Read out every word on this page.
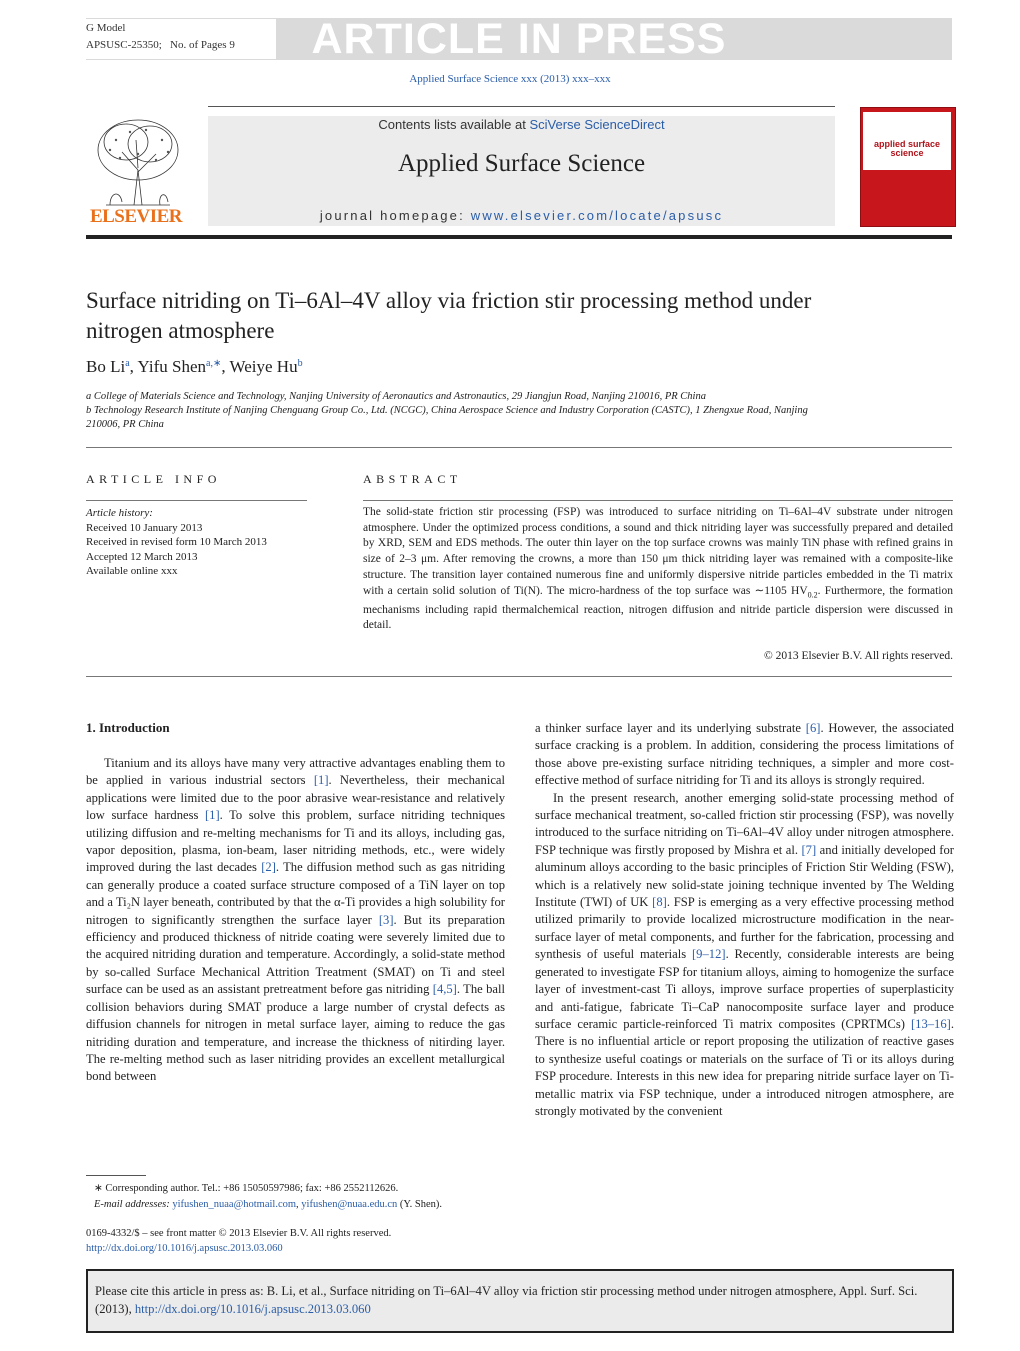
ARTICLE IN PRESS
G Model
APSUSC-25350; No. of Pages 9
Applied Surface Science xxx (2013) xxx–xxx
Contents lists available at SciVerse ScienceDirect
Applied Surface Science
journal homepage: www.elsevier.com/locate/apsusc
ELSEVIER
applied surface science
Surface nitriding on Ti–6Al–4V alloy via friction stir processing method under nitrogen atmosphere
Bo Li$^a$, Yifu Shen$^{a,∗}$, Weiye Hu$^b$
a College of Materials Science and Technology, Nanjing University of Aeronautics and Astronautics, 29 Jiangjun Road, Nanjing 210016, PR China
b Technology Research Institute of Nanjing Chenguang Group Co., Ltd. (NCGC), China Aerospace Science and Industry Corporation (CASTC), 1 Zhengxue Road, Nanjing 210006, PR China
ARTICLE INFO	ABSTRACT
Article history:
Received 10 January 2013
Received in revised form 10 March 2013
Accepted 12 March 2013
Available online xxx
The solid-state friction stir processing (FSP) was introduced to surface nitriding on Ti–6Al–4V substrate under nitrogen atmosphere. Under the optimized process conditions, a sound and thick nitriding layer was successfully prepared and detailed by XRD, SEM and EDS methods. The outer thin layer on the top surface crowns was mainly TiN phase with refined grains in size of 2–3 μm. After removing the crowns, a more than 150 μm thick nitriding layer was remained with a composite-like structure. The transition layer contained numerous fine and uniformly dispersive nitride particles embedded in the Ti matrix with a certain solid solution of Ti(N). The micro-hardness of the top surface was ∼1105 $HV_{0.2}$. Furthermore, the formation mechanisms including rapid thermalchemical reaction, nitrogen diffusion and nitride particle dispersion were discussed in detail.
© 2013 Elsevier B.V. All rights reserved.
1. Introduction
Titanium and its alloys have many very attractive advantages enabling them to be applied in various industrial sectors [1]. Nevertheless, their mechanical applications were limited due to the poor abrasive wear-resistance and relatively low surface hardness [1]. To solve this problem, surface nitriding techniques utilizing diffusion and re-melting mechanisms for Ti and its alloys, including gas, vapor deposition, plasma, ion-beam, laser nitriding methods, etc., were widely improved during the last decades [2]. The diffusion method such as gas nitriding can generally produce a coated surface structure composed of a TiN layer on top and a Ti₂N layer beneath, contributed by that the α-Ti provides a high solubility for nitrogen to significantly strengthen the surface layer [3]. But its preparation efficiency and produced thickness of nitride coating were severely limited due to the acquired nitriding duration and temperature. Accordingly, a solid-state method by so-called Surface Mechanical Attrition Treatment (SMAT) on Ti and steel surface can be used as an assistant pretreatment before gas nitriding [4,5]. The ball collision behaviors during SMAT produce a large number of crystal defects as diffusion channels for nitrogen in metal surface layer, aiming to reduce the gas nitriding duration and temperature, and increase the thickness of nitirding layer. The re-melting method such as laser nitriding provides an excellent metallurgical bond between

a thinker surface layer and its underlying substrate [6]. However, the associated surface cracking is a problem. In addition, considering the process limitations of those above pre-existing surface nitriding techniques, a simpler and more cost-effective method of surface nitriding for Ti and its alloys is strongly required.

In the present research, another emerging solid-state processing method of surface mechanical treatment, so-called friction stir processing (FSP), was novelly introduced to the surface nitriding on Ti–6Al–4V alloy under nitrogen atmosphere. FSP technique was firstly proposed by Mishra et al. [7] and initially developed for aluminum alloys according to the basic principles of Friction Stir Welding (FSW), which is a relatively new solid-state joining technique invented by The Welding Institute (TWI) of UK [8]. FSP is emerging as a very effective processing method utilized primarily to provide localized microstructure modification in the near-surface layer of metal components, and further for the fabrication, processing and synthesis of useful materials [9–12]. Recently, considerable interests are being generated to investigate FSP for titanium alloys, aiming to homogenize the surface layer of investment-cast Ti alloys, improve surface properties of superplasticity and anti-fatigue, fabricate Ti–CaP nanocomposite surface layer and produce surface ceramic particle-reinforced Ti matrix composites (CPRTMCs) [13–16]. There is no influential article or report proposing the utilization of reactive gases to synthesize useful coatings or materials on the surface of Ti or its alloys during FSP procedure. Interests in this new idea for preparing nitride surface layer on Ti-metallic matrix via FSP technique, under a introduced nitrogen atmosphere, are strongly motivated by the convenient

∗ Corresponding author. Tel.: +86 15050597986; fax: +86 2552112626.
E-mail addresses: yifushen_nuaa@hotmail.com, yifushen@nuaa.edu.cn (Y. Shen).
0169-4332/$ – see front matter © 2013 Elsevier B.V. All rights reserved.
http://dx.doi.org/10.1016/j.apsusc.2013.03.060
Please cite this article in press as: B. Li, et al., Surface nitriding on Ti–6Al–4V alloy via friction stir processing method under nitrogen atmosphere, Appl. Surf. Sci. (2013), http://dx.doi.org/10.1016/j.apsusc.2013.03.060
